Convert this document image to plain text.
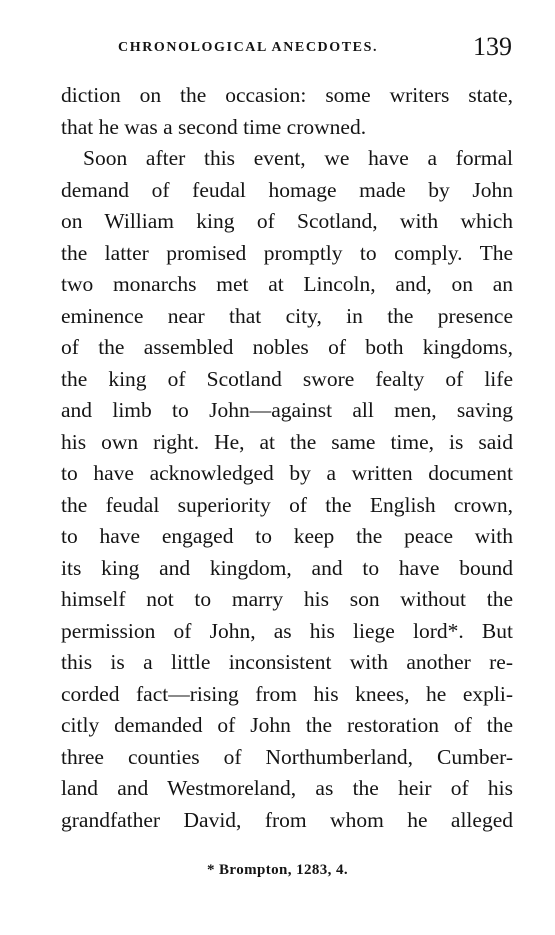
CHRONOLOGICAL ANECDOTES.	139
diction on the occasion: some writers state,
that he was a second time crowned.
Soon after this event, we have a formal
demand of feudal homage made by John
on William king of Scotland, with which
the latter promised promptly to comply. The
two monarchs met at Lincoln, and, on an
eminence near that city, in the presence
of the assembled nobles of both kingdoms,
the king of Scotland swore fealty of life
and limb to John—against all men, saving
his own right. He, at the same time, is said
to have acknowledged by a written document
the feudal superiority of the English crown,
to have engaged to keep the peace with
its king and kingdom, and to have bound
himself not to marry his son without the
permission of John, as his liege lord*. But
this is a little inconsistent with another re-
corded fact—rising from his knees, he expli-
citly demanded of John the restoration of the
three counties of Northumberland, Cumber-
land and Westmoreland, as the heir of his
grandfather David, from whom he alleged
* Brompton, 1283, 4.
